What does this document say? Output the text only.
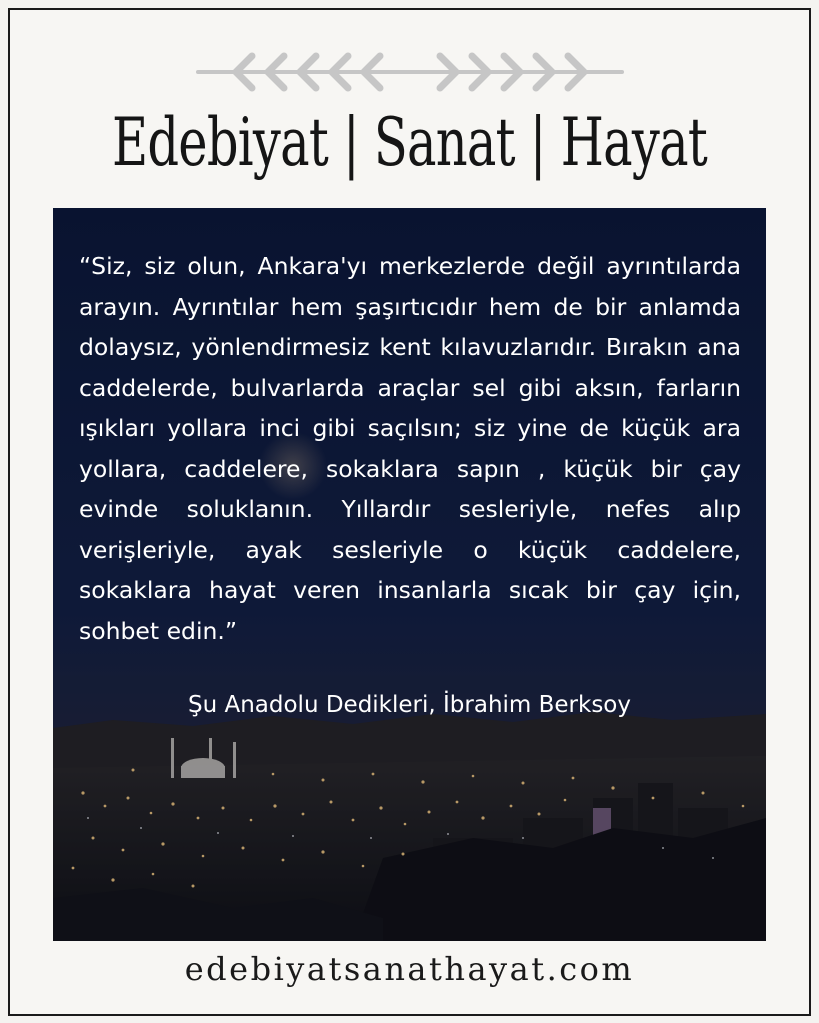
Edebiyat | Sanat | Hayat

“Siz, siz olun, Ankara'yı merkezlerde değil ayrıntılarda arayın. Ayrıntılar hem şaşırtıcıdır hem de bir anlamda dolaysız, yönlendirmesiz kent kılavuzlarıdır. Bırakın ana caddelerde, bulvarlarda araçlar sel gibi aksın, farların ışıkları yollara inci gibi saçılsın; siz yine de küçük ara yollara, caddelere, sokaklara sapın , küçük bir çay evinde soluklanın. Yıllardır sesleriyle, nefes alıp verişleriyle, ayak sesleriyle o küçük caddelere, sokaklara hayat veren insanlarla sıcak bir çay için, sohbet edin.”

Şu Anadolu Dedikleri, İbrahim Berksoy
edebiyatsanathayat.com
